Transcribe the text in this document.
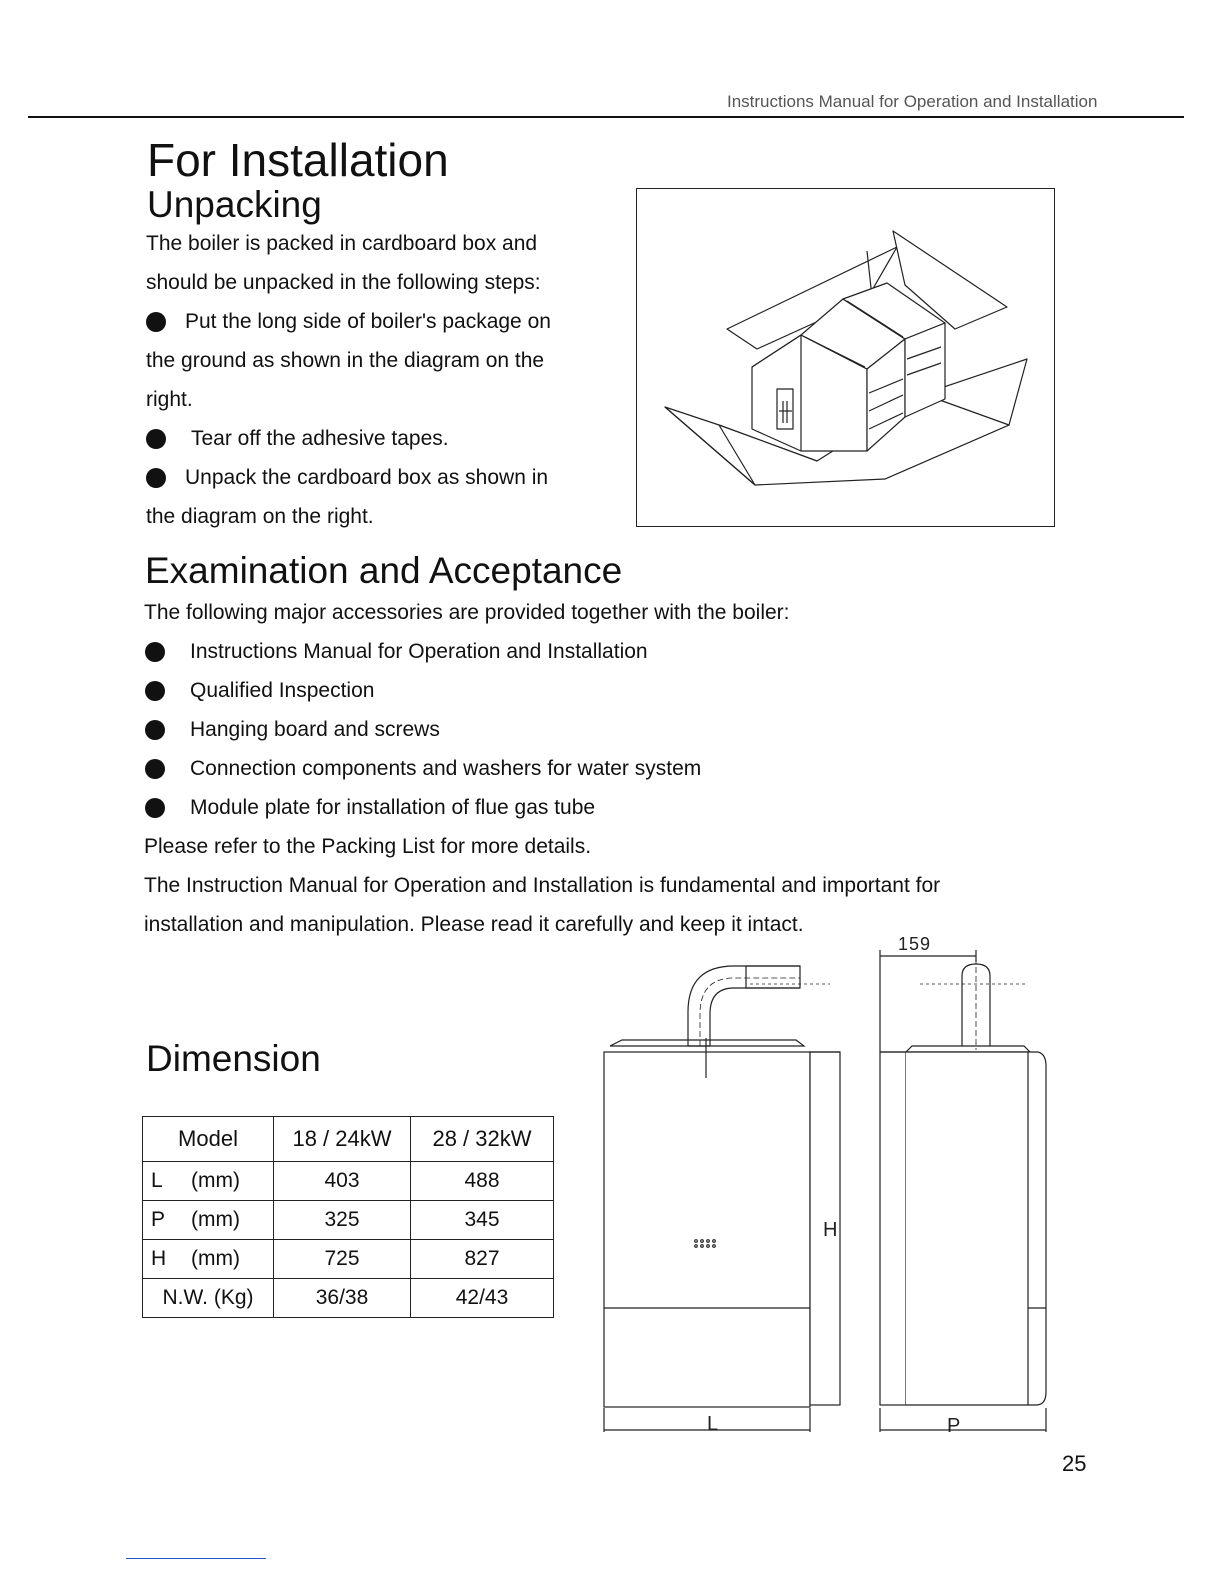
Instructions Manual for Operation and Installation
For Installation
Unpacking

The boiler is packed in cardboard box and

should be unpacked in the following steps:

Put the long side of boiler's package on

the ground as shown in the diagram on the

right.

Tear off the adhesive tapes.

Unpack the cardboard box as shown in

the diagram on the right.

Examination and Acceptance

The following major accessories are provided together with the boiler:

Instructions Manual for Operation and Installation

Qualified Inspection

Hanging board and screws

Connection components and washers for water system

Module plate for installation of flue gas tube

Please refer to the Packing List for more details.

The Instruction Manual for Operation and Installation is fundamental and important for

installation and manipulation. Please read it carefully and keep it intact.

Dimension
Model	18 / 24kW	28 / 32kW
L (mm)	403	488
P (mm)	325	345
H (mm)	725	827
N.W. (Kg)	36/38	42/43
159
H
L	P
25
